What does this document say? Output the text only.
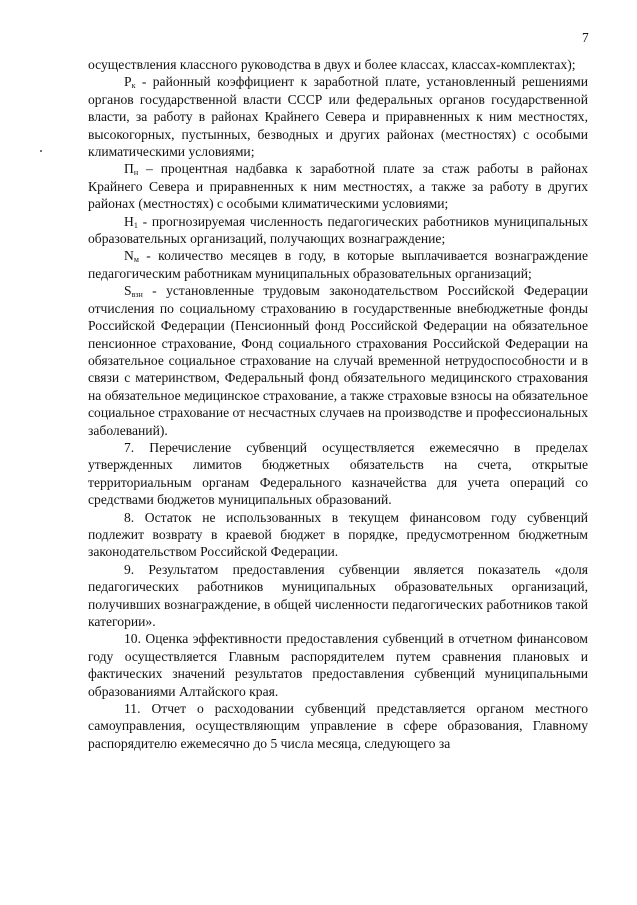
7

осуществления классного руководства в двух и более классах, классах-комплектах);

$Р_к$ - районный коэффициент к заработной плате, установленный решениями органов государственной власти СССР или федеральных органов государственной власти, за работу в районах Крайнего Севера и приравненных к ним местностях, высокогорных, пустынных, безводных и других районах (местностях) с особыми климатическими условиями;

$П_н$ – процентная надбавка к заработной плате за стаж работы в районах Крайнего Севера и приравненных к ним местностях, а также за работу в других районах (местностях) с особыми климатическими условиями;

$Н_1$ - прогнозируемая численность педагогических работников муниципальных образовательных организаций, получающих вознаграждение;

$N_м$ - количество месяцев в году, в которые выплачивается вознаграждение педагогическим работникам муниципальных образовательных организаций;

$S_{взн}$ - установленные трудовым законодательством Российской Федерации отчисления по социальному страхованию в государственные внебюджетные фонды Российской Федерации (Пенсионный фонд Российской Федерации на обязательное пенсионное страхование, Фонд социального страхования Российской Федерации на обязательное социальное страхование на случай временной нетрудоспособности и в связи с материнством, Федеральный фонд обязательного медицинского страхования на обязательное медицинское страхование, а также страховые взносы на обязательное социальное страхование от несчастных случаев на производстве и профессиональных заболеваний).

7. Перечисление субвенций осуществляется ежемесячно в пределах утвержденных лимитов бюджетных обязательств на счета, открытые территориальным органам Федерального казначейства для учета операций со средствами бюджетов муниципальных образований.

8. Остаток не использованных в текущем финансовом году субвенций подлежит возврату в краевой бюджет в порядке, предусмотренном бюджетным законодательством Российской Федерации.

9. Результатом предоставления субвенции является показатель «доля педагогических работников муниципальных образовательных организаций, получивших вознаграждение, в общей численности педагогических работников такой категории».

10. Оценка эффективности предоставления субвенций в отчетном финансовом году осуществляется Главным распорядителем путем сравнения плановых и фактических значений результатов предоставления субвенций муниципальными образованиями Алтайского края.

11. Отчет о расходовании субвенций представляется органом местного самоуправления, осуществляющим управление в сфере образования, Главному распорядителю ежемесячно до 5 числа месяца, следующего за
